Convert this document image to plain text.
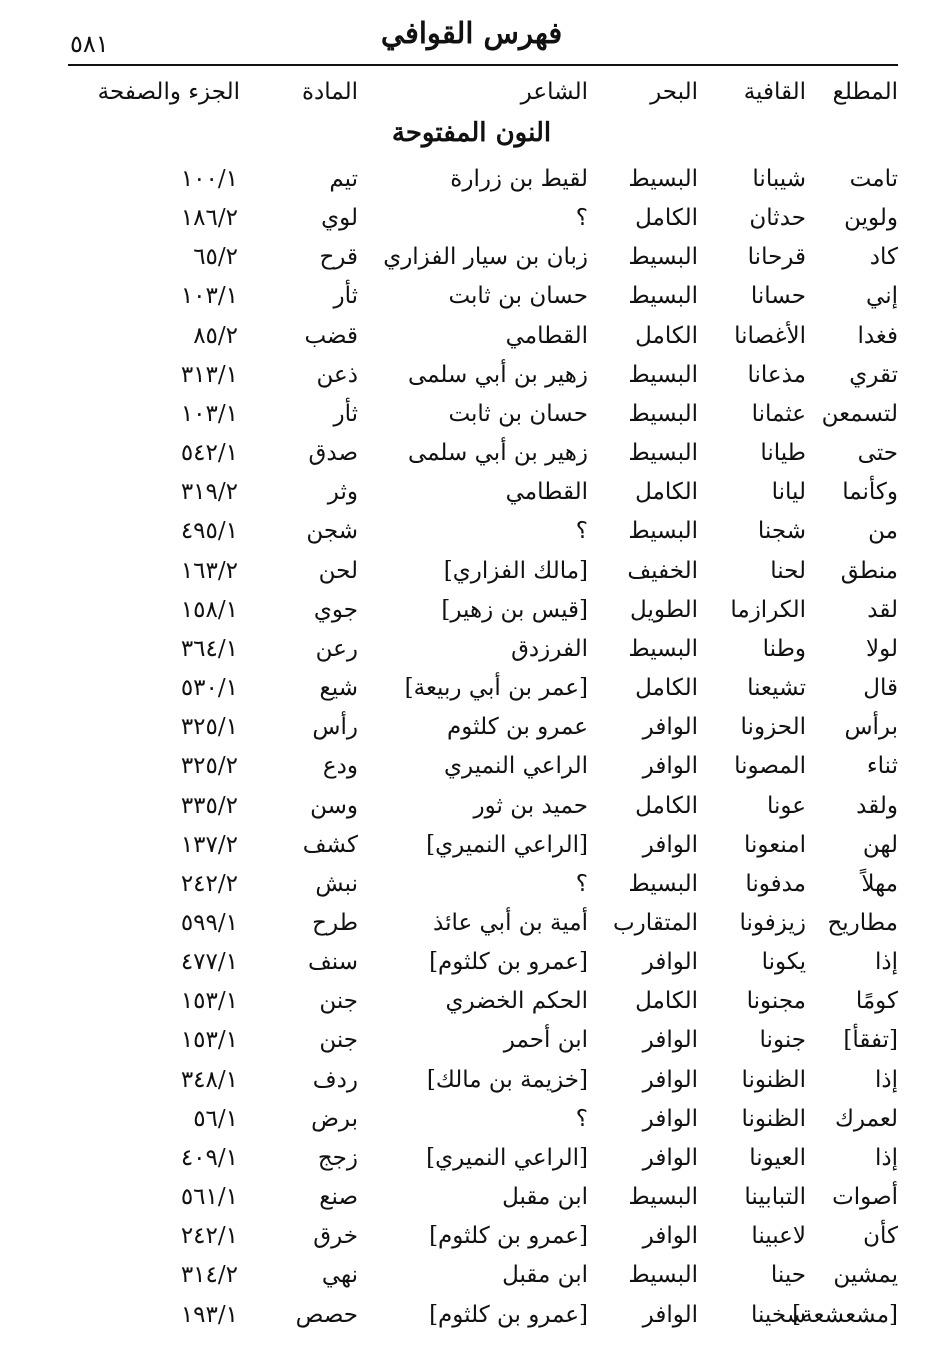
فهرس القوافي
٥٨١
المطلع
القافية
البحر
الشاعر
المادة
الجزء والصفحة
النون المفتوحة
تامت
شيبانا
البسيط
لقيط بن زرارة
تيم
١٠٠/١
ولوين
حدثان
الكامل
؟
لوي
١٨٦/٢
كاد
قرحانا
البسيط
زبان بن سيار الفزاري
قرح
٦٥/٢
إني
حسانا
البسيط
حسان بن ثابت
ثأر
١٠٣/١
فغدا
الأغصانا
الكامل
القطامي
قضب
٨٥/٢
تقري
مذعانا
البسيط
زهير بن أبي سلمى
ذعن
٣١٣/١
لتسمعن
عثمانا
البسيط
حسان بن ثابت
ثأر
١٠٣/١
حتى
طيانا
البسيط
زهير بن أبي سلمى
صدق
٥٤٢/١
وكأنما
ليانا
الكامل
القطامي
وثر
٣١٩/٢
من
شجنا
البسيط
؟
شجن
٤٩٥/١
منطق
لحنا
الخفيف
[مالك الفزاري]
لحن
١٦٣/٢
لقد
الكرازما
الطويل
[قيس بن زهير]
جوي
١٥٨/١
لولا
وطنا
البسيط
الفرزدق
رعن
٣٦٤/١
قال
تشيعنا
الكامل
[عمر بن أبي ربيعة]
شيع
٥٣٠/١
برأس
الحزونا
الوافر
عمرو بن كلثوم
رأس
٣٢٥/١
ثناء
المصونا
الوافر
الراعي النميري
ودع
٣٢٥/٢
ولقد
عونا
الكامل
حميد بن ثور
وسن
٣٣٥/٢
لهن
امنعونا
الوافر
[الراعي النميري]
كشف
١٣٧/٢
مهلاً
مدفونا
البسيط
؟
نبش
٢٤٢/٢
مطاريح
زيزفونا
المتقارب
أمية بن أبي عائذ
طرح
٥٩٩/١
إذا
يكونا
الوافر
[عمرو بن كلثوم]
سنف
٤٧٧/١
كومًا
مجنونا
الكامل
الحكم الخضري
جنن
١٥٣/١
[تفقأ]
جنونا
الوافر
ابن أحمر
جنن
١٥٣/١
إذا
الظنونا
الوافر
[خزيمة بن مالك]
ردف
٣٤٨/١
لعمرك
الظنونا
الوافر
؟
برض
٥٦/١
إذا
العيونا
الوافر
[الراعي النميري]
زجج
٤٠٩/١
أصوات
التبابينا
البسيط
ابن مقبل
صنع
٥٦١/١
كأن
لاعبينا
الوافر
[عمرو بن كلثوم]
خرق
٢٤٢/١
يمشين
حينا
البسيط
ابن مقبل
نهي
٣١٤/٢
[مشعشعة]
سخينا
الوافر
[عمرو بن كلثوم]
حصص
١٩٣/١
